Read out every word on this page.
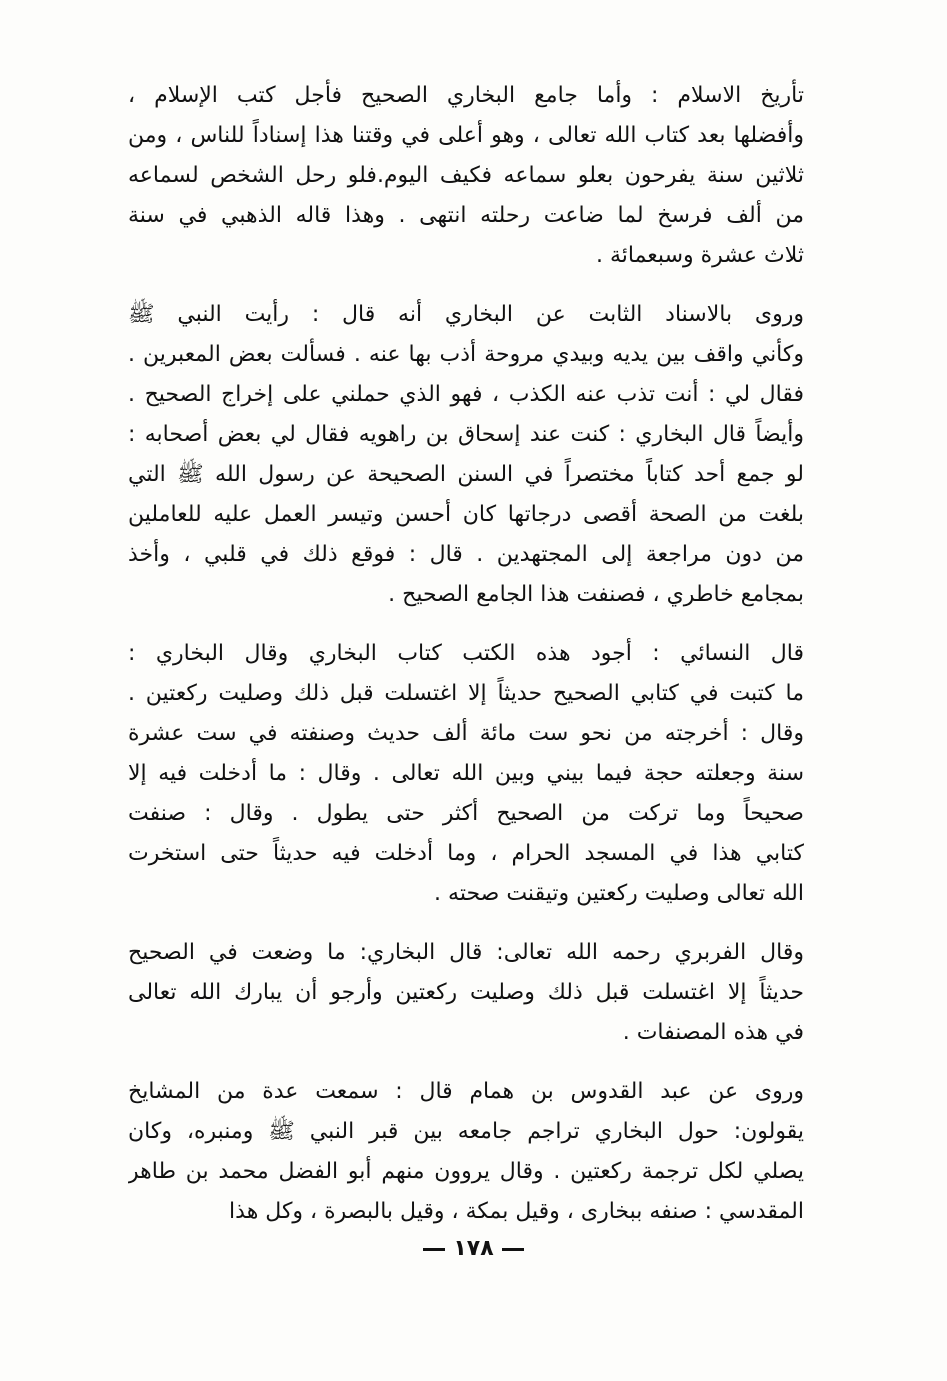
تأريخ الاسلام : وأما جامع البخاري الصحيح فأجل كتب الإسلام ،
وأفضلها بعد كتاب الله تعالى ، وهو أعلى في وقتنا هذا إسناداً للناس ، ومن
ثلاثين سنة يفرحون بعلو سماعه فكيف اليوم.فلو رحل الشخص لسماعه
من ألف فرسخ لما ضاعت رحلته انتهى . وهذا قاله الذهبي في سنة
ثلاث عشرة وسبعمائة .
وروى بالاسناد الثابت عن البخاري أنه قال : رأيت النبي ﷺ
وكأني واقف بين يديه وبيدي مروحة أذب بها عنه . فسألت بعض المعبرين .
فقال لي : أنت تذب عنه الكذب ، فهو الذي حملني على إخراج الصحيح .
وأيضاً قال البخاري : كنت عند إسحاق بن راهويه فقال لي بعض أصحابه :
لو جمع أحد كتاباً مختصراً في السنن الصحيحة عن رسول الله ﷺ التي
بلغت من الصحة أقصى درجاتها كان أحسن وتيسر العمل عليه للعاملين
من دون مراجعة إلى المجتهدين . قال : فوقع ذلك في قلبي ، وأخذ
بمجامع خاطري ، فصنفت هذا الجامع الصحيح .
قال النسائي : أجود هذه الكتب كتاب البخاري وقال البخاري :
ما كتبت في كتابي الصحيح حديثاً إلا اغتسلت قبل ذلك وصليت ركعتين .
وقال : أخرجته من نحو ست مائة ألف حديث وصنفته في ست عشرة
سنة وجعلته حجة فيما بيني وبين الله تعالى . وقال : ما أدخلت فيه إلا
صحيحاً وما تركت من الصحيح أكثر حتى يطول . وقال : صنفت
كتابي هذا في المسجد الحرام ، وما أدخلت فيه حديثاً حتى استخرت
الله تعالى وصليت ركعتين وتيقنت صحته .
وقال الفربري رحمه الله تعالى: قال البخاري: ما وضعت في الصحيح
حديثاً إلا اغتسلت قبل ذلك وصليت ركعتين وأرجو أن يبارك الله تعالى
في هذه المصنفات .
وروى عن عبد القدوس بن همام قال : سمعت عدة من المشايخ
يقولون: حول البخاري تراجم جامعه بين قبر النبي ﷺ ومنبره، وكان
يصلي لكل ترجمة ركعتين . وقال يروون منهم أبو الفضل محمد بن طاهر
المقدسي : صنفه ببخارى ، وقيل بمكة ، وقيل بالبصرة ، وكل هذا
١٧٨
